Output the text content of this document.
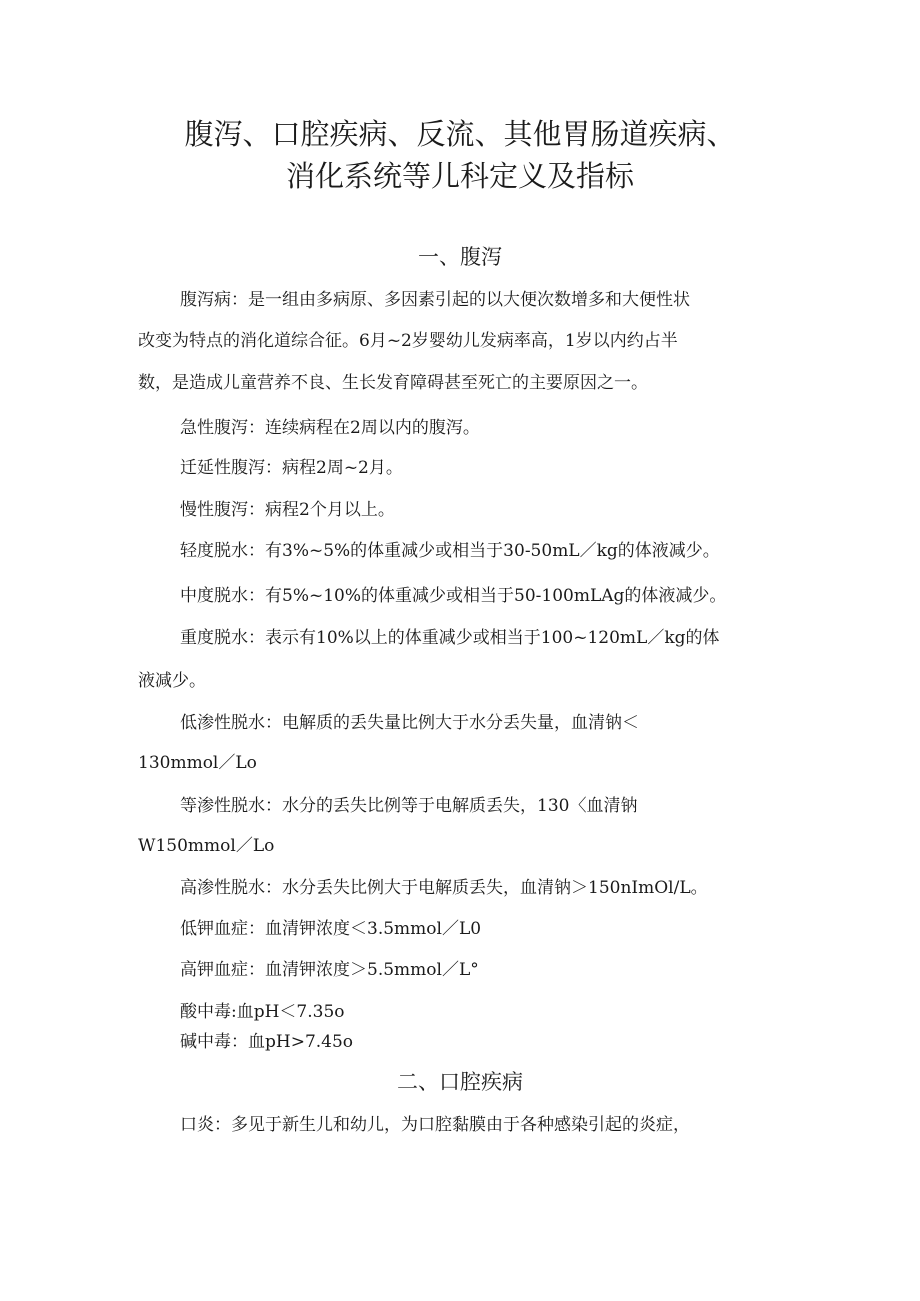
腹泻、口腔疾病、反流、其他胃肠道疾病、
消化系统等儿科定义及指标
一、腹泻

腹泻病：是一组由多病原、多因素引起的以大便次数增多和大便性状

改变为特点的消化道综合征。6月~2岁婴幼儿发病率高，1岁以内约占半

数，是造成儿童营养不良、生长发育障碍甚至死亡的主要原因之一。

急性腹泻：连续病程在2周以内的腹泻。

迁延性腹泻：病程2周~2月。

慢性腹泻：病程2个月以上。

轻度脱水：有3%~5%的体重减少或相当于30-50mL／kg的体液减少。

中度脱水：有5%~10%的体重减少或相当于50-100mLAg的体液减少。

重度脱水：表示有10%以上的体重减少或相当于100~120mL／kg的体

液减少。

低渗性脱水：电解质的丢失量比例大于水分丢失量，血清钠＜

130mmol／Lo

等渗性脱水：水分的丢失比例等于电解质丢失，130〈血清钠

W150mmol／Lo

高渗性脱水：水分丢失比例大于电解质丢失，血清钠＞150nImOl/L。

低钾血症：血清钾浓度＜3.5mmol／L0

高钾血症：血清钾浓度＞5.5mmol／L°

酸中毒:血pH＜7.35o

碱中毒：血pH>7.45o

二、口腔疾病

口炎：多见于新生儿和幼儿，为口腔黏膜由于各种感染引起的炎症，
